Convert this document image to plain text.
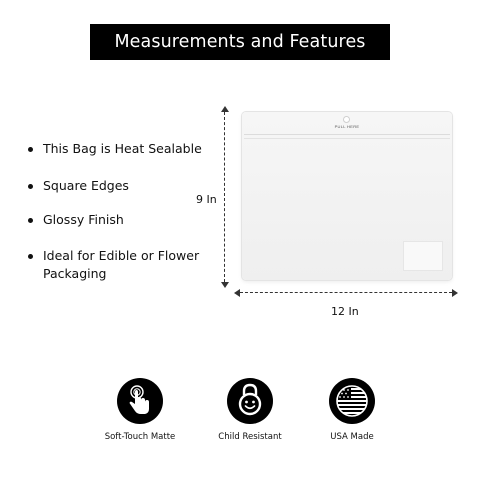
Measurements and Features
This Bag is Heat Sealable
Square Edges
Glossy Finish
Ideal for Edible or Flower Packaging
PULL HERE
9 In
12 In
Soft-Touch Matte	Child Resistant	USA Made
